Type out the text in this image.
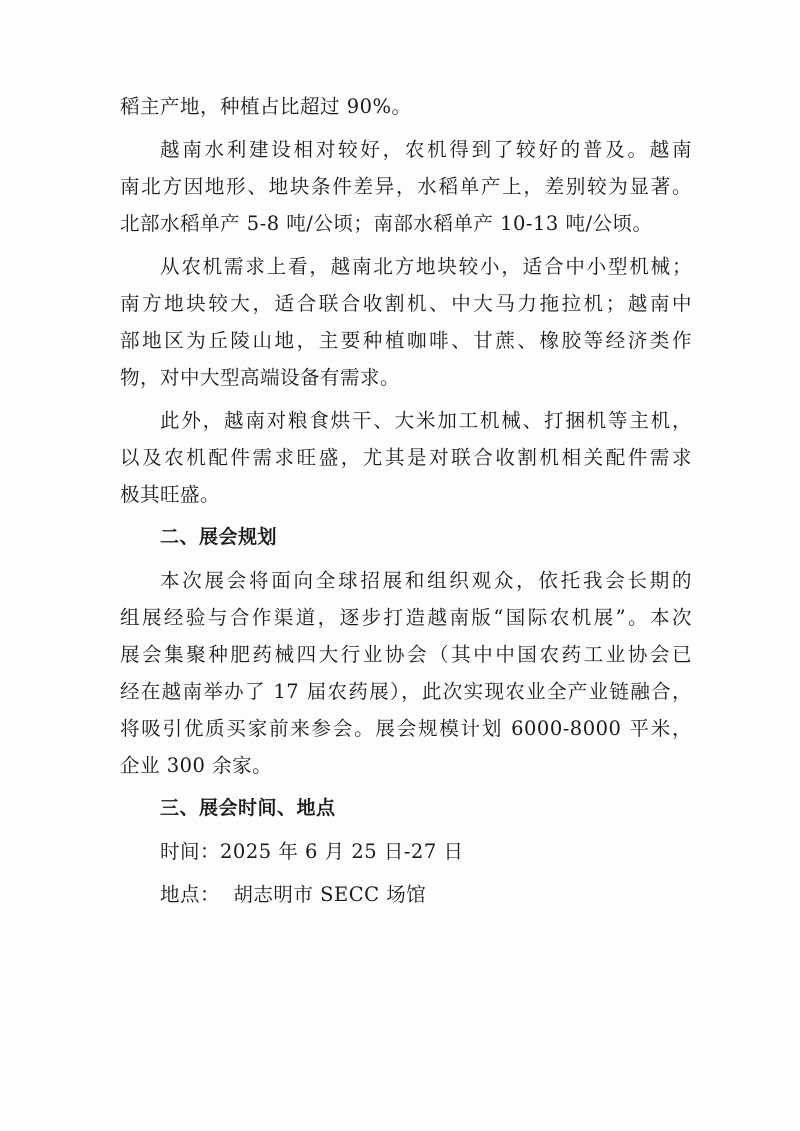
稻主产地，种植占比超过 90%。
越南水利建设相对较好，农机得到了较好的普及。越南
南北方因地形、地块条件差异，水稻单产上，差别较为显著。
北部水稻单产 5-8 吨/公顷；南部水稻单产 10-13 吨/公顷。
从农机需求上看，越南北方地块较小，适合中小型机械；
南方地块较大，适合联合收割机、中大马力拖拉机；越南中
部地区为丘陵山地，主要种植咖啡、甘蔗、橡胶等经济类作
物，对中大型高端设备有需求。
此外，越南对粮食烘干、大米加工机械、打捆机等主机，
以及农机配件需求旺盛，尤其是对联合收割机相关配件需求
极其旺盛。
二、展会规划
本次展会将面向全球招展和组织观众，依托我会长期的
组展经验与合作渠道，逐步打造越南版“国际农机展”。本次
展会集聚种肥药械四大行业协会（其中中国农药工业协会已
经在越南举办了 17 届农药展），此次实现农业全产业链融合，
将吸引优质买家前来参会。展会规模计划 6000-8000 平米，
企业 300 余家。
三、展会时间、地点
时间：2025 年 6 月 25 日-27 日
地点：  胡志明市 SECC 场馆
